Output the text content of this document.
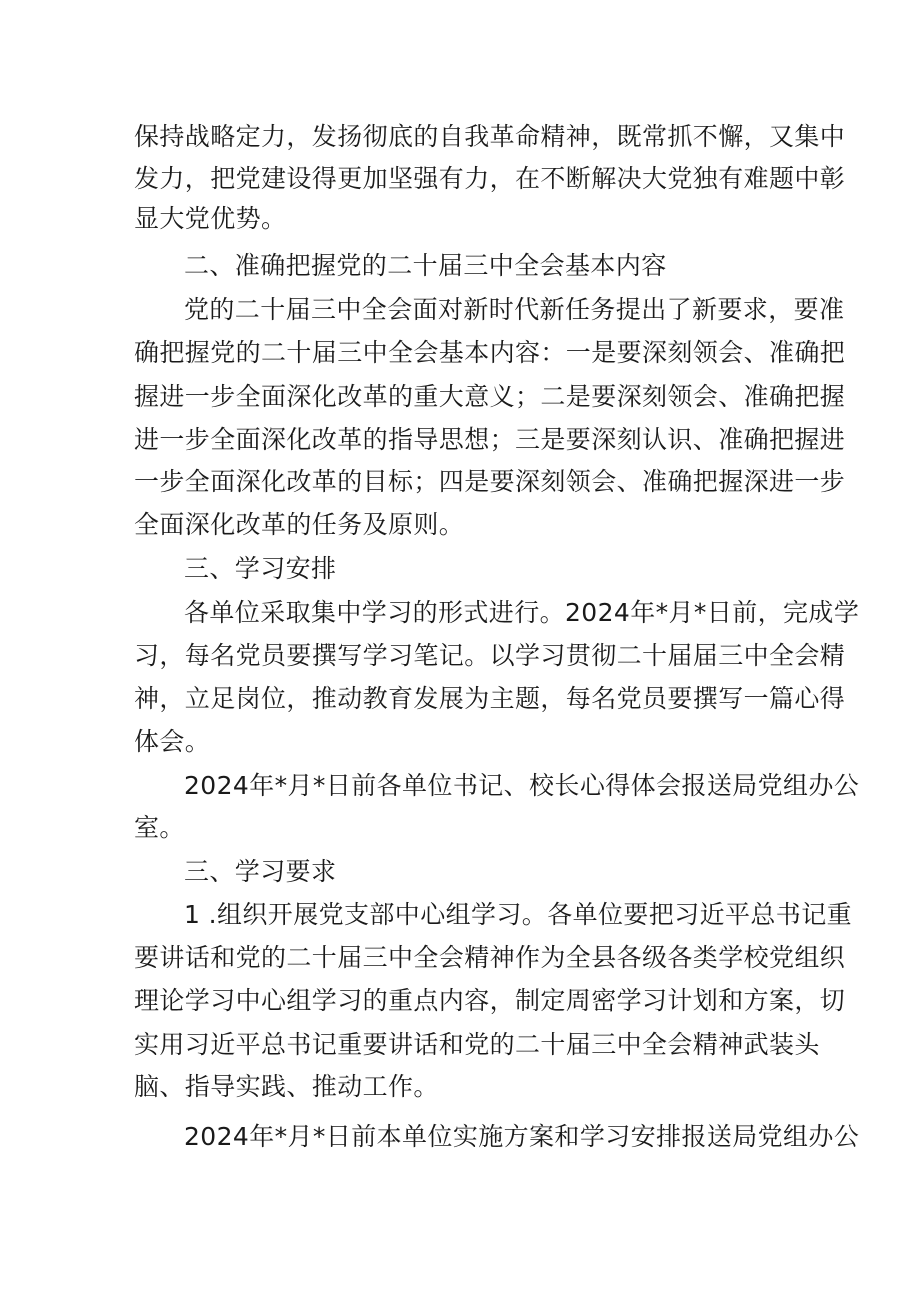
保持战略定力，发扬彻底的自我革命精神，既常抓不懈，又集中
发力，把党建设得更加坚强有力，在不断解决大党独有难题中彰
显大党优势。
二、准确把握党的二十届三中全会基本内容
党的二十届三中全会面对新时代新任务提出了新要求，要准
确把握党的二十届三中全会基本内容：一是要深刻领会、准确把
握进一步全面深化改革的重大意义；二是要深刻领会、准确把握
进一步全面深化改革的指导思想；三是要深刻认识、准确把握进
一步全面深化改革的目标；四是要深刻领会、准确把握深进一步
全面深化改革的任务及原则。
三、学习安排
各单位采取集中学习的形式进行。2024年*月*日前，完成学
习，每名党员要撰写学习笔记。以学习贯彻二十届届三中全会精
神，立足岗位，推动教育发展为主题，每名党员要撰写一篇心得
体会。
2024年*月*日前各单位书记、校长心得体会报送局党组办公
室。
三、学习要求
1 .组织开展党支部中心组学习。各单位要把习近平总书记重
要讲话和党的二十届三中全会精神作为全县各级各类学校党组织
理论学习中心组学习的重点内容，制定周密学习计划和方案，切
实用习近平总书记重要讲话和党的二十届三中全会精神武装头
脑、指导实践、推动工作。
2024年*月*日前本单位实施方案和学习安排报送局党组办公
